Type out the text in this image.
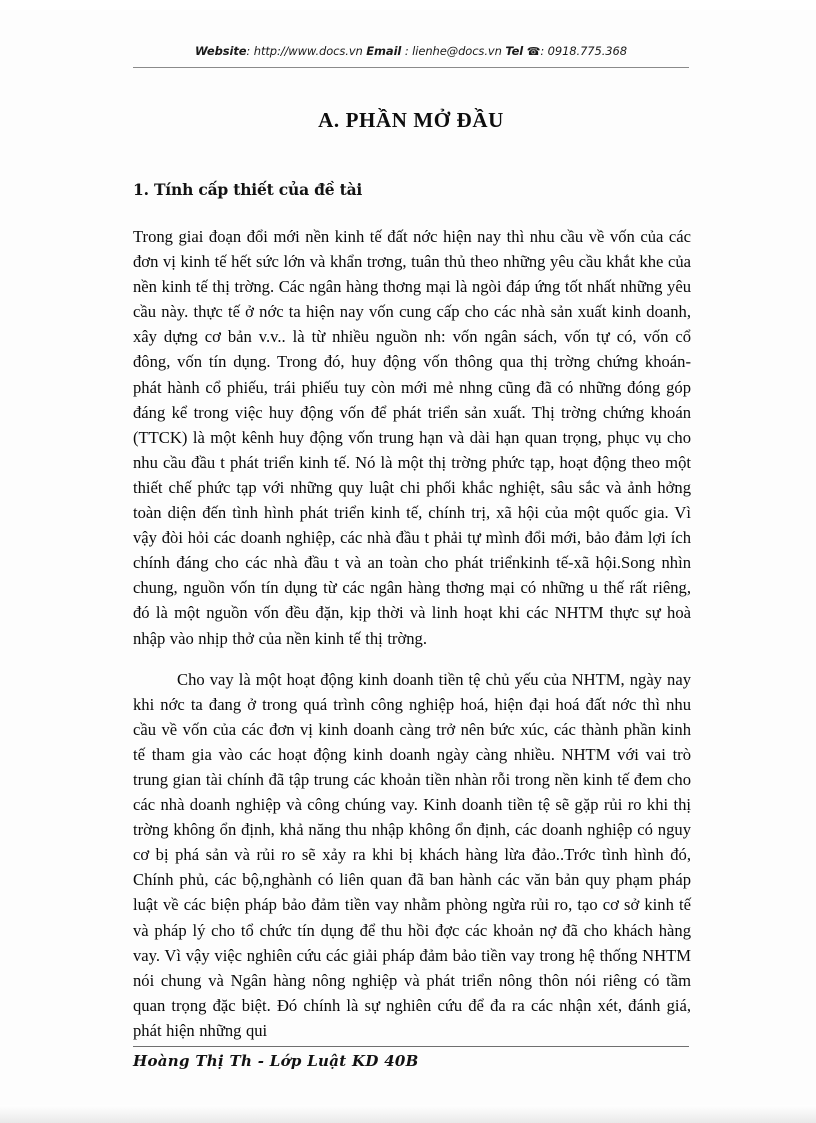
Website: http://www.docs.vn Email : lienhe@docs.vn Tel ☎: 0918.775.368
A. PHẦN MỞ ĐẦU
1. Tính cấp thiết của đề tài

Trong giai đoạn đổi mới nền kinh tế đất nớc hiện nay thì nhu cầu về vốn của các đơn vị kinh tế hết sức lớn và khẩn trơng, tuân thủ theo những yêu cầu khắt khe của nền kinh tế thị trờng. Các ngân hàng thơng mại là ngòi đáp ứng tốt nhất những yêu cầu này. thực tế ở nớc ta hiện nay vốn cung cấp cho các nhà sản xuất kinh doanh, xây dựng cơ bản v.v.. là từ nhiều nguồn nh: vốn ngân sách, vốn tự có, vốn cổ đông, vốn tín dụng. Trong đó, huy động vốn thông qua thị trờng chứng khoán- phát hành cổ phiếu, trái phiếu tuy còn mới mẻ nhng cũng đã có những đóng góp đáng kể trong việc huy động vốn để phát triển sản xuất. Thị trờng chứng khoán (TTCK) là một kênh huy động vốn trung hạn và dài hạn quan trọng, phục vụ cho nhu cầu đầu t phát triển kinh tế. Nó là một thị trờng phức tạp, hoạt động theo một thiết chế phức tạp với những quy luật chi phối khắc nghiệt, sâu sắc và ảnh hởng toàn diện đến tình hình phát triển kinh tế, chính trị, xã hội của một quốc gia. Vì vậy đòi hỏi các doanh nghiệp, các nhà đầu t phải tự mình đổi mới, bảo đảm lợi ích chính đáng cho các nhà đầu t và an toàn cho phát triểnkinh tế-xã hội.Song nhìn chung, nguồn vốn tín dụng từ các ngân hàng thơng mại có những u thế rất riêng, đó là một nguồn vốn đều đặn, kịp thời và linh hoạt khi các NHTM thực sự hoà nhập vào nhịp thở của nền kinh tế thị trờng.

Cho vay là một hoạt động kinh doanh tiền tệ chủ yếu của NHTM, ngày nay khi nớc ta đang ở trong quá trình công nghiệp hoá, hiện đại hoá đất nớc thì nhu cầu về vốn của các đơn vị kinh doanh càng trở nên bức xúc, các thành phần kinh tế tham gia vào các hoạt động kinh doanh ngày càng nhiều. NHTM với vai trò trung gian tài chính đã tập trung các khoản tiền nhàn rỗi trong nền kinh tế đem cho các nhà doanh nghiệp và công chúng vay. Kinh doanh tiền tệ sẽ gặp rủi ro khi thị trờng không ổn định, khả năng thu nhập không ổn định, các doanh nghiệp có nguy cơ bị phá sản và rủi ro sẽ xảy ra khi bị khách hàng lừa đảo..Trớc tình hình đó, Chính phủ, các bộ,nghành có liên quan đã ban hành các văn bản quy phạm pháp luật về các biện pháp bảo đảm tiền vay nhằm phòng ngừa rủi ro, tạo cơ sở kinh tế và pháp lý cho tổ chức tín dụng để thu hồi đợc các khoản nợ đã cho khách hàng vay. Vì vậy việc nghiên cứu các giải pháp đảm bảo tiền vay trong hệ thống NHTM nói chung và Ngân hàng nông nghiệp và phát triển nông thôn nói riêng có tầm quan trọng đặc biệt. Đó chính là sự nghiên cứu để đa ra các nhận xét, đánh giá, phát hiện những qui

Hoàng Thị Th - Lớp Luật KD 40B
